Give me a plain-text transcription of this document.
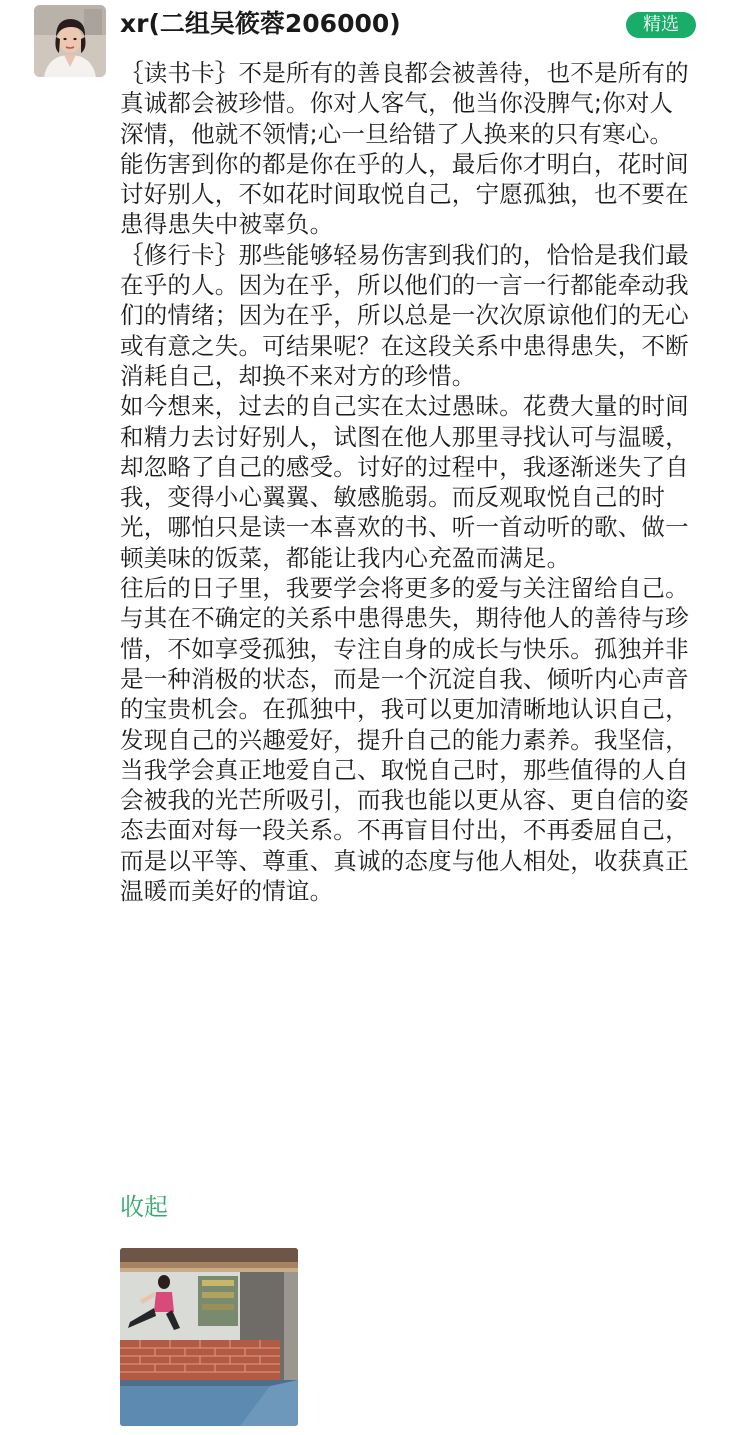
xr(二组吴筱蓉206000)	精选

｛读书卡｝不是所有的善良都会被善待，也不是所有的真诚都会被珍惜。你对人客气，他当你没脾气;你对人深情，他就不领情;心一旦给错了人换来的只有寒心。

能伤害到你的都是你在乎的人，最后你才明白，花时间讨好别人，不如花时间取悦自己，宁愿孤独，也不要在患得患失中被辜负。

｛修行卡｝那些能够轻易伤害到我们的，恰恰是我们最在乎的人。因为在乎，所以他们的一言一行都能牵动我们的情绪；因为在乎，所以总是一次次原谅他们的无心或有意之失。可结果呢？在这段关系中患得患失，不断消耗自己，却换不来对方的珍惜。

如今想来，过去的自己实在太过愚昧。花费大量的时间和精力去讨好别人，试图在他人那里寻找认可与温暖，却忽略了自己的感受。讨好的过程中，我逐渐迷失了自我，变得小心翼翼、敏感脆弱。而反观取悦自己的时光，哪怕只是读一本喜欢的书、听一首动听的歌、做一顿美味的饭菜，都能让我内心充盈而满足。

往后的日子里，我要学会将更多的爱与关注留给自己。与其在不确定的关系中患得患失，期待他人的善待与珍惜，不如享受孤独，专注自身的成长与快乐。孤独并非是一种消极的状态，而是一个沉淀自我、倾听内心声音的宝贵机会。在孤独中，我可以更加清晰地认识自己，发现自己的兴趣爱好，提升自己的能力素养。我坚信，当我学会真正地爱自己、取悦自己时，那些值得的人自会被我的光芒所吸引，而我也能以更从容、更自信的姿态去面对每一段关系。不再盲目付出，不再委屈自己，而是以平等、尊重、真诚的态度与他人相处，收获真正温暖而美好的情谊。

收起
